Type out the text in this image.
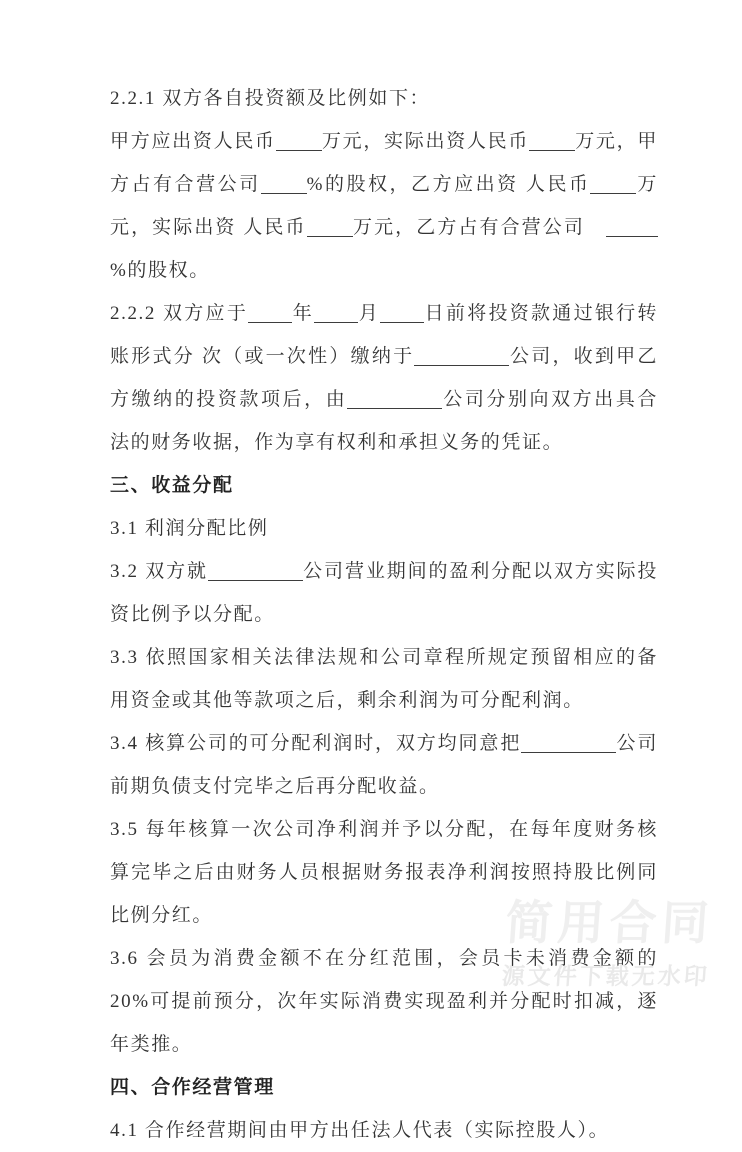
2.2.1 双方各自投资额及比例如下：

甲方应出资人民币 万元，实际出资人民币 万元，甲方占有合营公司 %的股权，乙方应出资 人民币 万元，实际出资 人民币 万元，乙方占有合营公司　%的股权。

2.2.2 双方应于 年 月 日前将投资款通过银行转账形式分 次（或一次性）缴纳于	公司，收到甲乙方缴纳的投资款项后，由	公司分别向双方出具合法的财务收据，作为享有权利和承担义务的凭证。

三、收益分配

3.1 利润分配比例

3.2 双方就	公司营业期间的盈利分配以双方实际投资比例予以分配。

3.3 依照国家相关法律法规和公司章程所规定预留相应的备用资金或其他等款项之后，剩余利润为可分配利润。

3.4 核算公司的可分配利润时，双方均同意把	公司前期负债支付完毕之后再分配收益。

3.5 每年核算一次公司净利润并予以分配，在每年度财务核算完毕之后由财务人员根据财务报表净利润按照持股比例同比例分红。

3.6 会员为消费金额不在分红范围，会员卡未消费金额的 20%可提前预分，次年实际消费实现盈利并分配时扣减，逐年类推。

四、合作经营管理

4.1 合作经营期间由甲方出任法人代表（实际控股人）。

简用合同
源文件下载无水印
